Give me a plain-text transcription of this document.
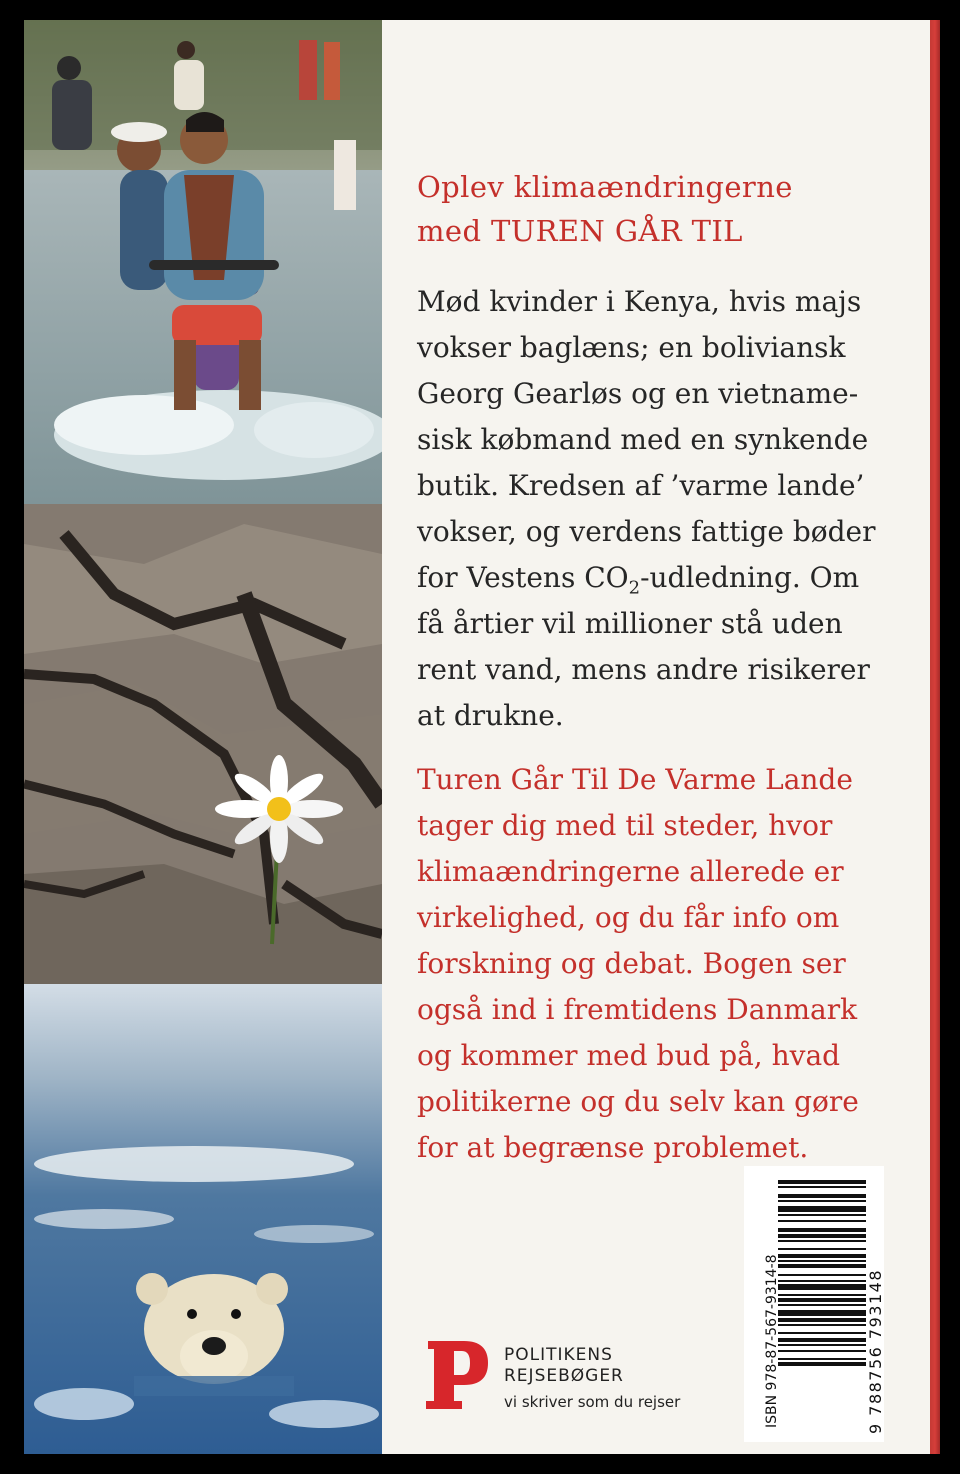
Oplev klimaændringerne
med TUREN GÅR TIL

Mød kvinder i Kenya, hvis majs
vokser baglæns; en boliviansk
Georg Gearløs og en vietname-
sisk købmand med en synkende
butik. Kredsen af ’varme lande’
vokser, og verdens fattige bøder
for Vestens $CO_2$-udledning. Om
få årtier vil millioner stå uden
rent vand, mens andre risikerer
at drukne.

Turen Går Til De Varme Lande
tager dig med til steder, hvor
klimaændringerne allerede er
virkelighed, og du får info om
forskning og debat. Bogen ser
også ind i fremtidens Danmark
og kommer med bud på, hvad
politikerne og du selv kan gøre
for at begrænse problemet.

POLITIKENS
REJSEBØGER
vi skriver som du rejser	ISBN 978-87-567-9314-8	9 788756 793148
